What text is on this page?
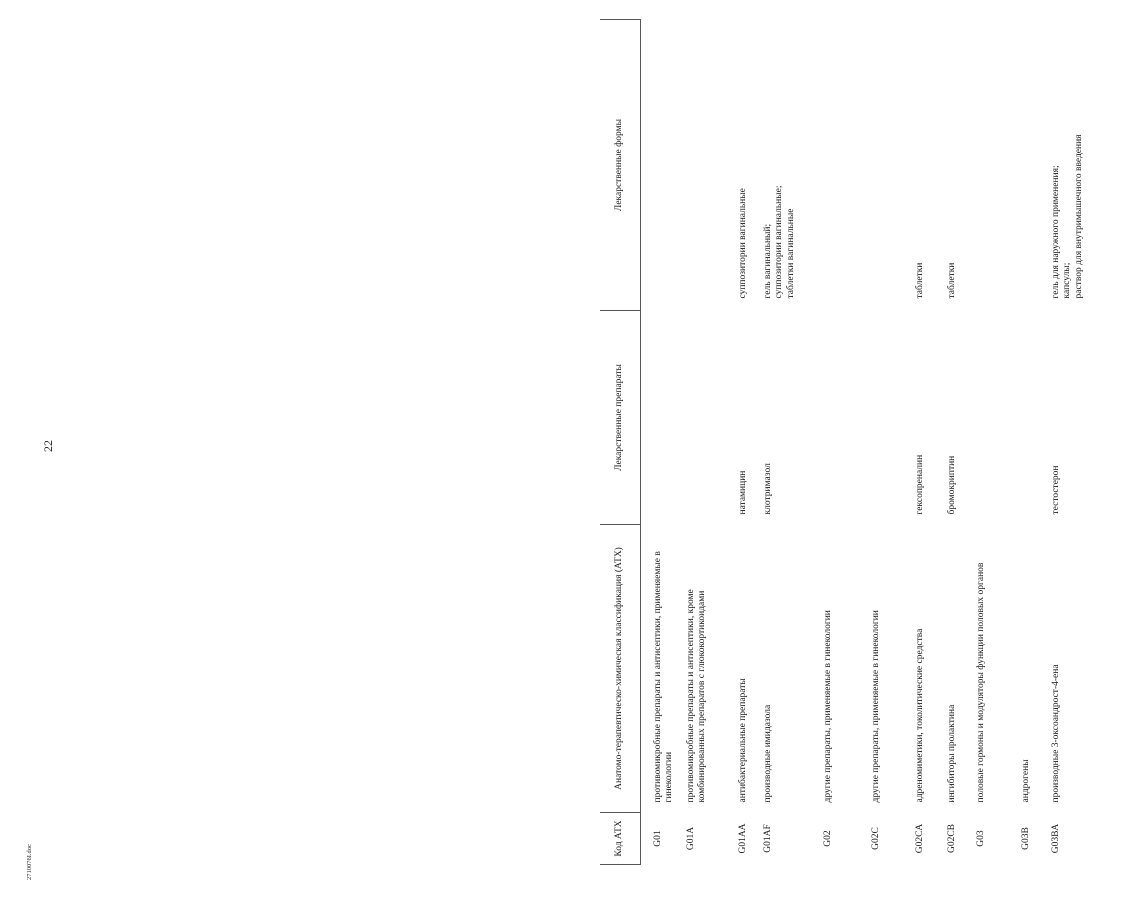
22
Код АТХ	Анатомо-терапевтическо-химическая классификация (АТХ)	Лекарственные препараты	Лекарственные формы
G01	противомикробные препараты и антисептики, применяемые в гинекологии		
G01A	противомикробные препараты и антисептики, кроме комбинированных препаратов с глюкокортикоидами		
G01AA	антибактериальные препараты	натамицин	суппозитории вагинальные

G01AF	производные имидазола	клотримазол	гель вагинальный; суппозитории вагинальные; таблетки вагинальные

G02	другие препараты, применяемые в гинекологии		
G02C	другие препараты, применяемые в гинекологии		
G02CA	адреномиметики, токолитические средства	гексопреналин	таблетки

G02CB	ингибиторы пролактина	бромокриптин	таблетки

G03	половые гормоны и модуляторы функции половых органов		
G03B	андрогены		
G03BA	производные 3-оксоандрост-4-ена	тестостерон	гель для наружного применения; капсулы; раствор для внутримышечного введения
2710076I.doc
